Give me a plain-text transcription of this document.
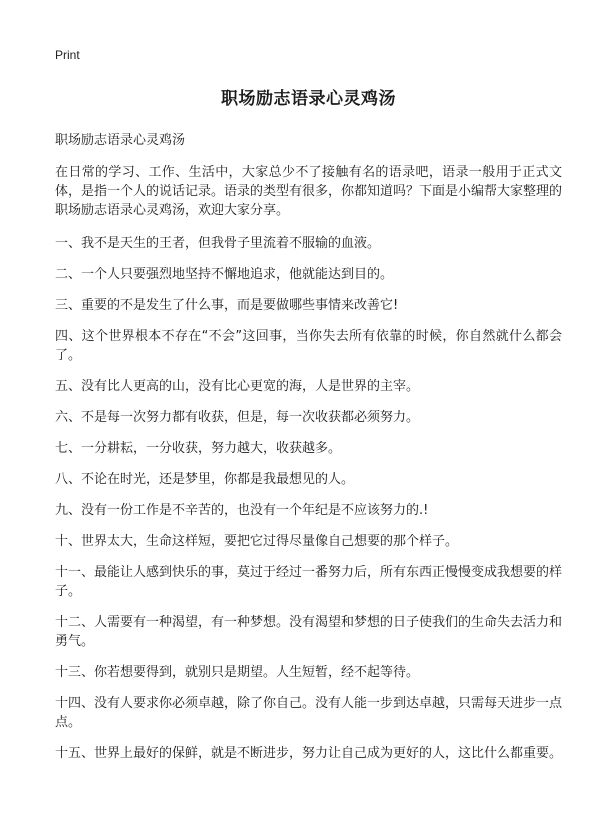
Print
职场励志语录心灵鸡汤
职场励志语录心灵鸡汤

在日常的学习、工作、生活中，大家总少不了接触有名的语录吧，语录一般用于正式文体，是指一个人的说话记录。语录的类型有很多，你都知道吗？下面是小编帮大家整理的职场励志语录心灵鸡汤，欢迎大家分享。

一、我不是天生的王者，但我骨子里流着不服输的血液。

二、一个人只要强烈地坚持不懈地追求，他就能达到目的。

三、重要的不是发生了什么事，而是要做哪些事情来改善它!

四、这个世界根本不存在“不会”这回事，当你失去所有依靠的时候，你自然就什么都会了。

五、没有比人更高的山，没有比心更宽的海，人是世界的主宰。

六、不是每一次努力都有收获，但是，每一次收获都必须努力。

七、一分耕耘，一分收获，努力越大，收获越多。

八、不论在时光，还是梦里，你都是我最想见的人。

九、没有一份工作是不辛苦的，也没有一个年纪是不应该努力的.!

十、世界太大，生命这样短，要把它过得尽量像自己想要的那个样子。

十一、最能让人感到快乐的事，莫过于经过一番努力后，所有东西正慢慢变成我想要的样子。

十二、人需要有一种渴望，有一种梦想。没有渴望和梦想的日子使我们的生命失去活力和勇气。

十三、你若想要得到，就别只是期望。人生短暂，经不起等待。

十四、没有人要求你必须卓越，除了你自己。没有人能一步到达卓越，只需每天进步一点点。

十五、世界上最好的保鲜，就是不断进步，努力让自己成为更好的人，这比什么都重要。
